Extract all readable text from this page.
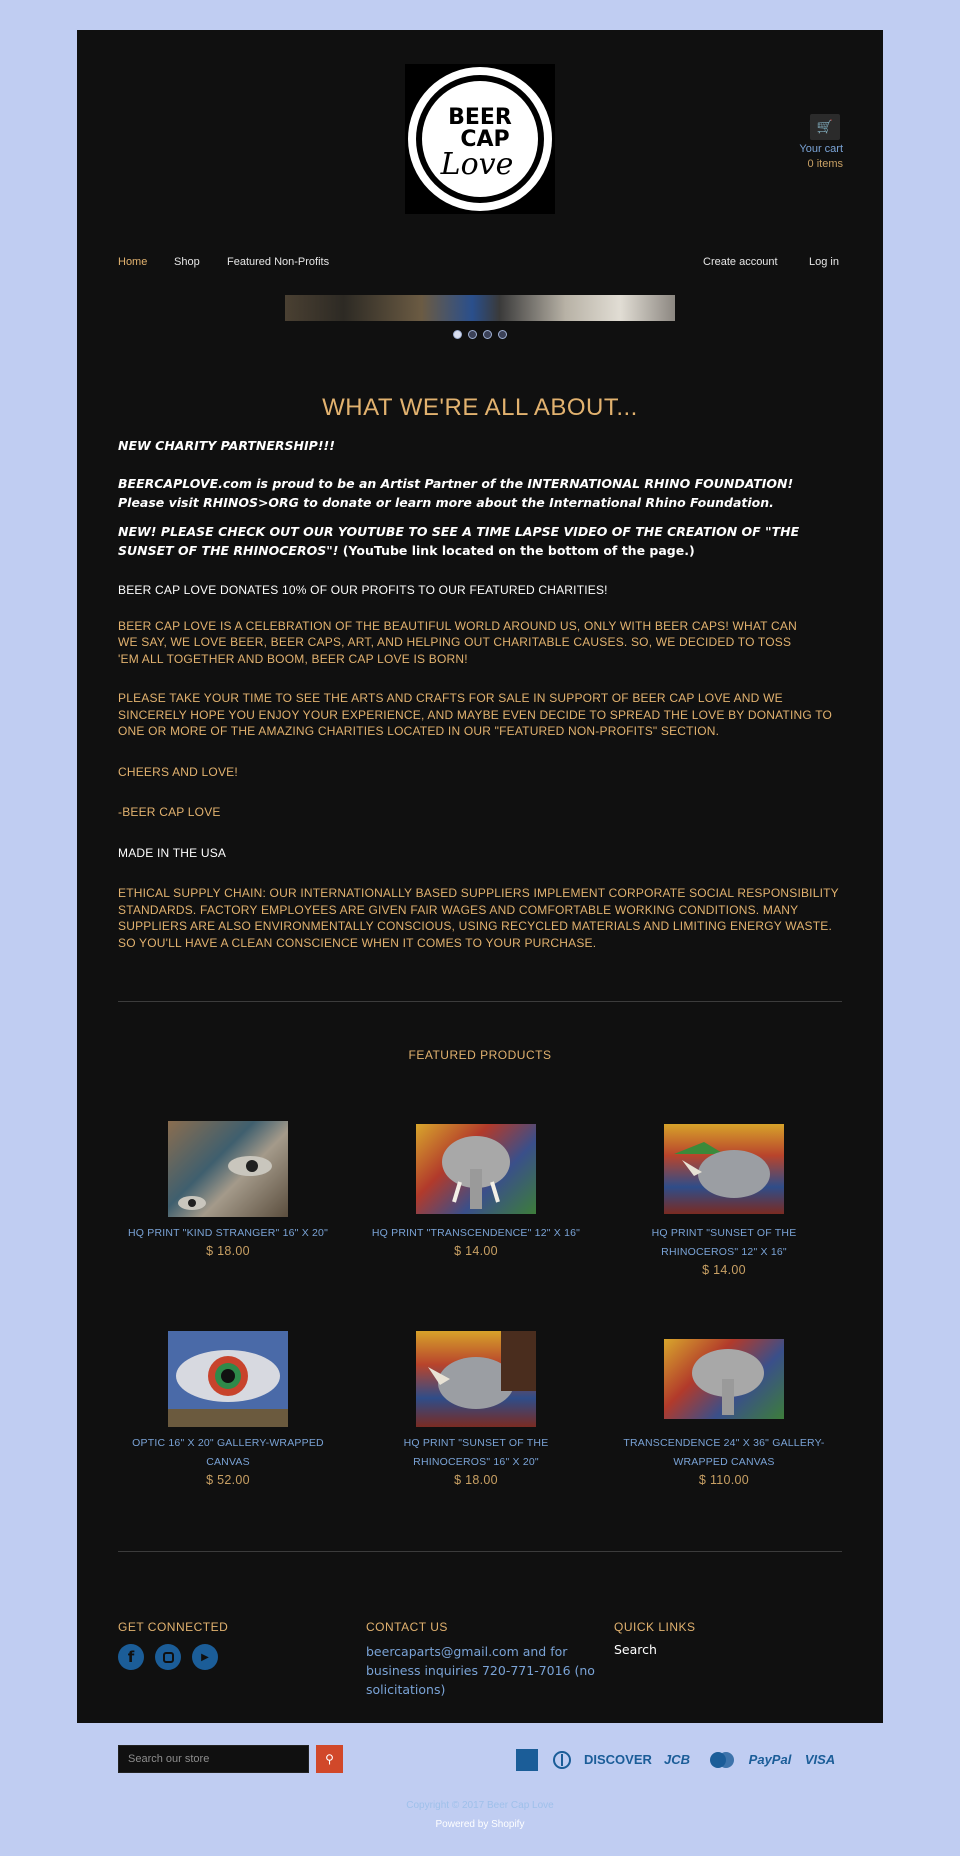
BEER
CAP
Love
🛒
Your cart
0 items
Home Shop Featured Non-Profits	Create account	Log in
WHAT WE'RE ALL ABOUT...

NEW CHARITY PARTNERSHIP!!!

BEERCAPLOVE.com is proud to be an Artist Partner of the INTERNATIONAL RHINO FOUNDATION! Please visit RHINOS>ORG to donate or learn more about the International Rhino Foundation.

NEW! PLEASE CHECK OUT OUR YOUTUBE TO SEE A TIME LAPSE VIDEO OF THE CREATION OF "THE SUNSET OF THE RHINOCEROS"! (YouTube link located on the bottom of the page.)

BEER CAP LOVE DONATES 10% OF OUR PROFITS TO OUR FEATURED CHARITIES!

BEER CAP LOVE IS A CELEBRATION OF THE BEAUTIFUL WORLD AROUND US, ONLY WITH BEER CAPS! WHAT CAN WE SAY, WE LOVE BEER, BEER CAPS, ART, AND HELPING OUT CHARITABLE CAUSES. SO, WE DECIDED TO TOSS 'EM ALL TOGETHER AND BOOM, BEER CAP LOVE IS BORN!

PLEASE TAKE YOUR TIME TO SEE THE ARTS AND CRAFTS FOR SALE IN SUPPORT OF BEER CAP LOVE AND WE SINCERELY HOPE YOU ENJOY YOUR EXPERIENCE, AND MAYBE EVEN DECIDE TO SPREAD THE LOVE BY DONATING TO ONE OR MORE OF THE AMAZING CHARITIES LOCATED IN OUR "FEATURED NON-PROFITS" SECTION.

CHEERS AND LOVE!

-BEER CAP LOVE

MADE IN THE USA

ETHICAL SUPPLY CHAIN: OUR INTERNATIONALLY BASED SUPPLIERS IMPLEMENT CORPORATE SOCIAL RESPONSIBILITY STANDARDS. FACTORY EMPLOYEES ARE GIVEN FAIR WAGES AND COMFORTABLE WORKING CONDITIONS. MANY SUPPLIERS ARE ALSO ENVIRONMENTALLY CONSCIOUS, USING RECYCLED MATERIALS AND LIMITING ENERGY WASTE. SO YOU'LL HAVE A CLEAN CONSCIENCE WHEN IT COMES TO YOUR PURCHASE.

FEATURED PRODUCTS
HQ PRINT "KIND STRANGER" 16" X 20"
$ 18.00
HQ PRINT "TRANSCENDENCE" 12" X 16"
$ 14.00
HQ PRINT "SUNSET OF THE RHINOCEROS" 12" X 16"
$ 14.00
OPTIC 16" X 20" GALLERY-WRAPPED CANVAS
$ 52.00
HQ PRINT "SUNSET OF THE RHINOCEROS" 16" X 20"
$ 18.00
TRANSCENDENCE 24" X 36" GALLERY-WRAPPED CANVAS
$ 110.00
GET CONNECTED
f	▶
CONTACT US
beercaparts@gmail.com and for business inquiries 720-771-7016 (no solicitations)
QUICK LINKS
Search
Search our store	⚲	DISCOVER JCB	PayPal VISA
Copyright © 2017 Beer Cap Love
Powered by Shopify
